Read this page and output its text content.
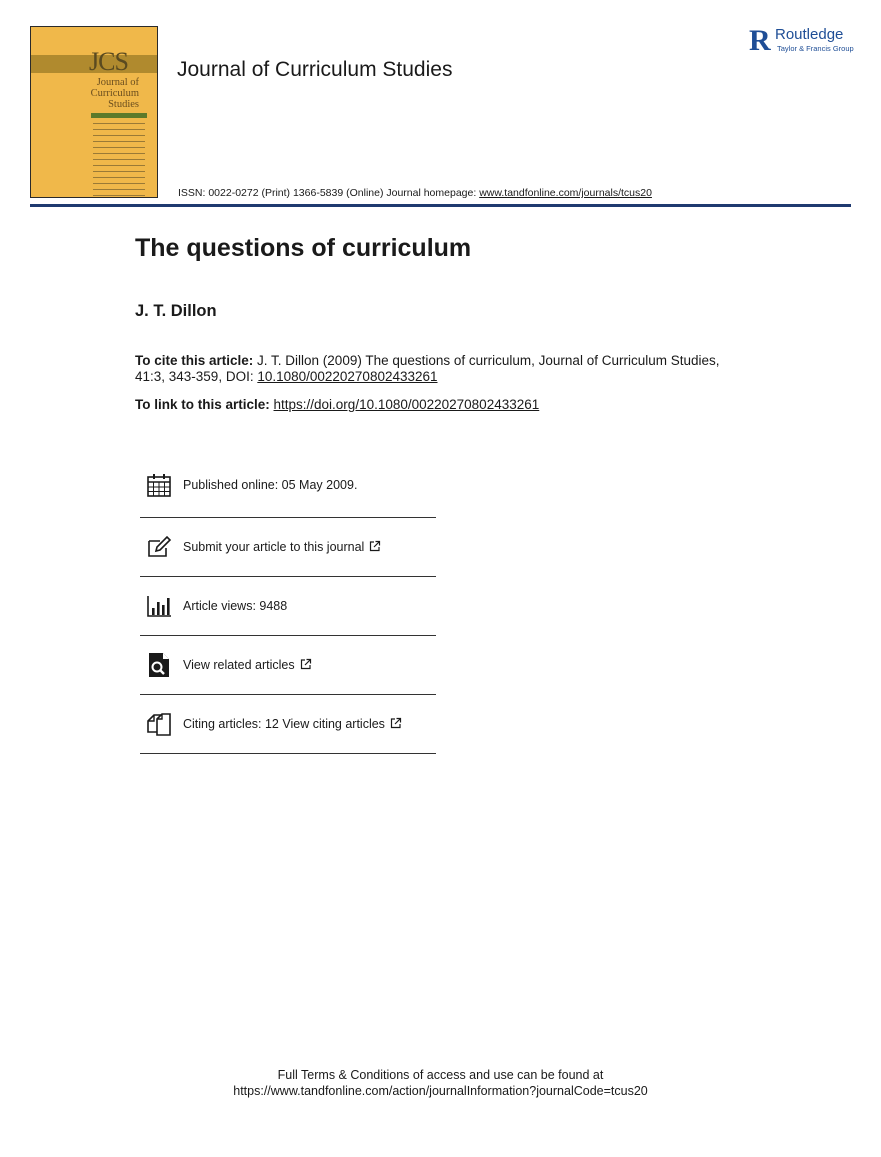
JCS
Journal of
Curriculum
Studies
Journal of Curriculum Studies
ISSN: 0022-0272 (Print) 1366-5839 (Online) Journal homepage: www.tandfonline.com/journals/tcus20
R Routledge
Taylor & Francis Group
The questions of curriculum
J. T. Dillon
To cite this article: J. T. Dillon (2009) The questions of curriculum, Journal of Curriculum Studies, 41:3, 343-359, DOI: 10.1080/00220270802433261
To link to this article: https://doi.org/10.1080/00220270802433261
Published online: 05 May 2009.
Submit your article to this journal
Article views: 9488
View related articles
Citing articles: 12 View citing articles
Full Terms & Conditions of access and use can be found at
https://www.tandfonline.com/action/journalInformation?journalCode=tcus20
